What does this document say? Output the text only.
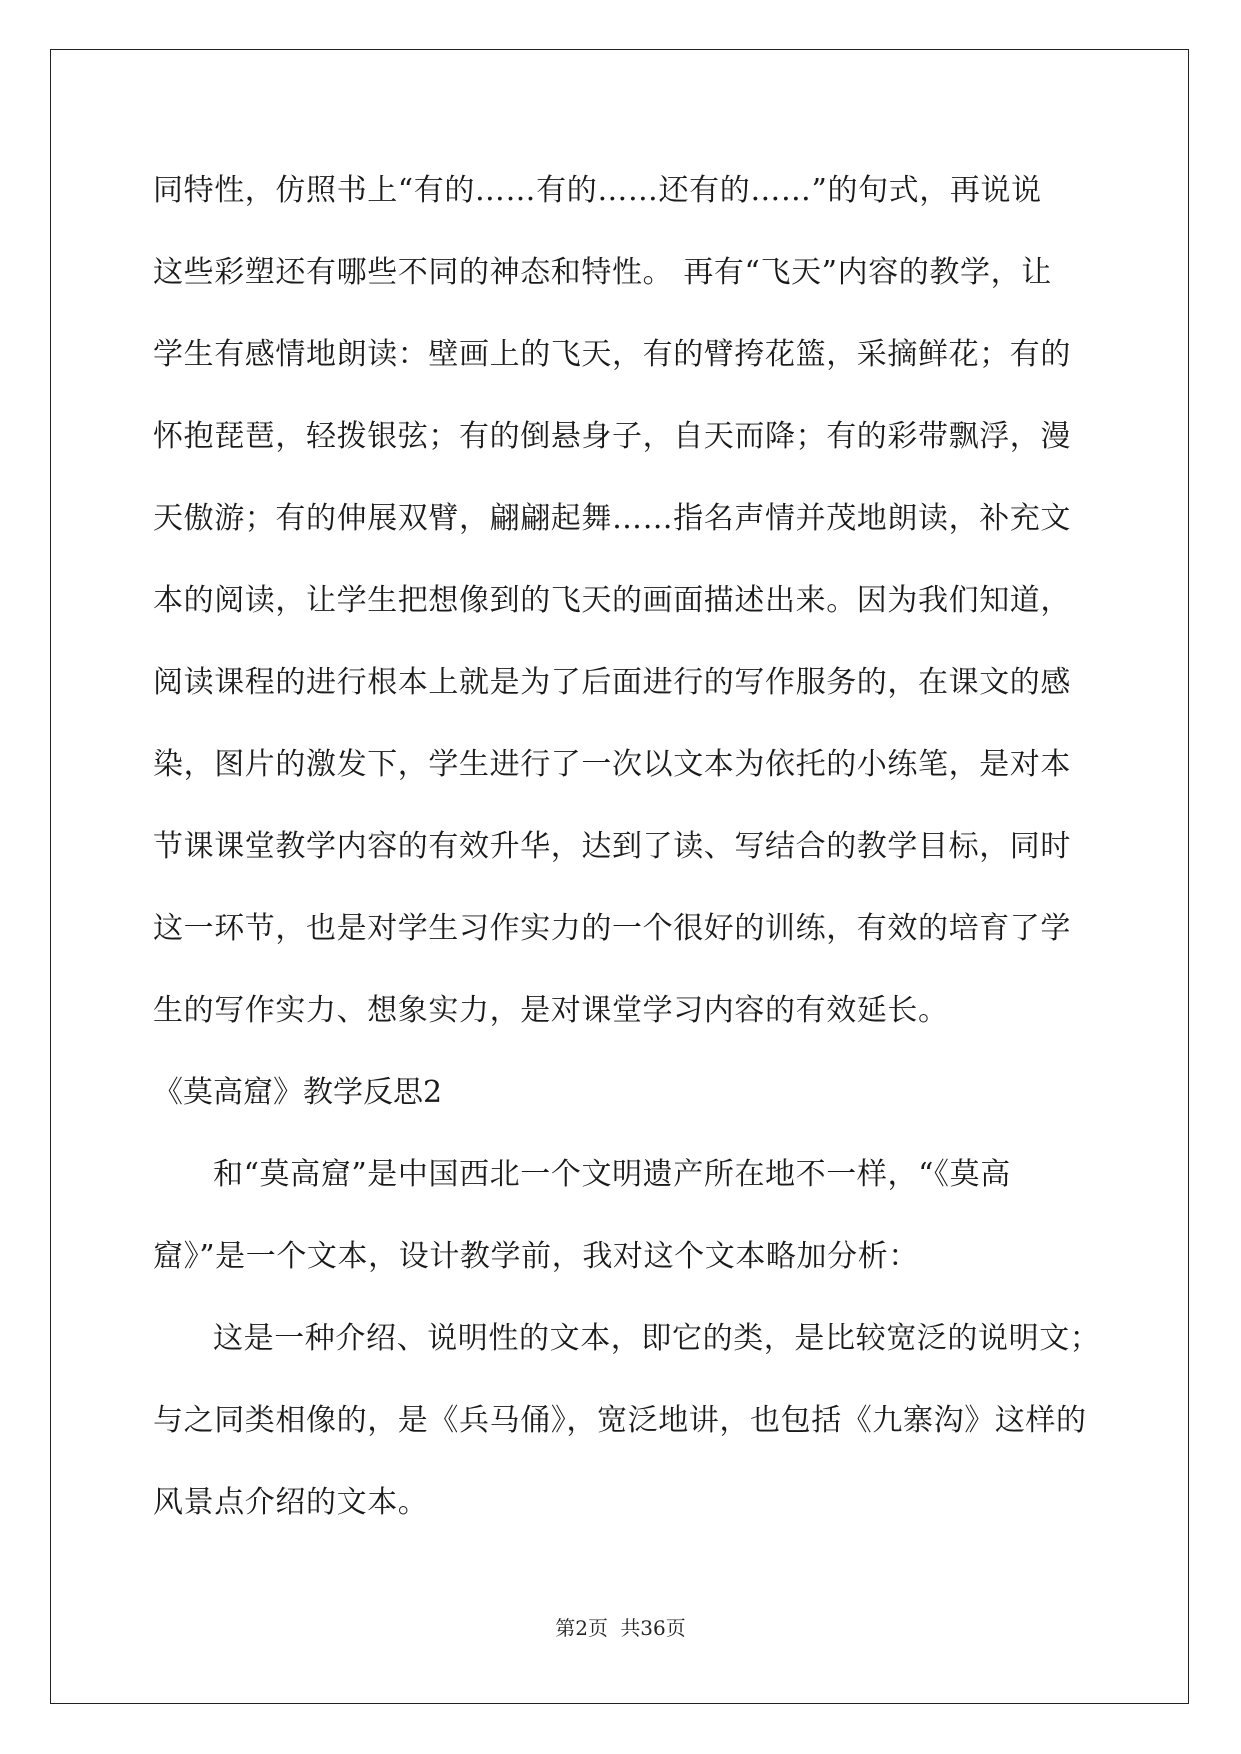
同特性，仿照书上“有的……有的……还有的……”的句式，再说说

这些彩塑还有哪些不同的神态和特性。 再有“飞天”内容的教学，让

学生有感情地朗读：壁画上的飞天，有的臂挎花篮，采摘鲜花；有的

怀抱琵琶，轻拨银弦；有的倒悬身子，自天而降；有的彩带飘浮，漫

天傲游；有的伸展双臂，翩翩起舞……指名声情并茂地朗读，补充文

本的阅读，让学生把想像到的飞天的画面描述出来。因为我们知道，

阅读课程的进行根本上就是为了后面进行的写作服务的，在课文的感

染，图片的激发下，学生进行了一次以文本为依托的小练笔，是对本

节课课堂教学内容的有效升华，达到了读、写结合的教学目标，同时

这一环节，也是对学生习作实力的一个很好的训练，有效的培育了学

生的写作实力、想象实力，是对课堂学习内容的有效延长。

《莫高窟》教学反思2

和“莫高窟”是中国西北一个文明遗产所在地不一样，“《莫高

窟》”是一个文本，设计教学前，我对这个文本略加分析：

这是一种介绍、说明性的文本，即它的类，是比较宽泛的说明文；

与之同类相像的，是《兵马俑》，宽泛地讲，也包括《九寨沟》这样的

风景点介绍的文本。

第2页 共36页
